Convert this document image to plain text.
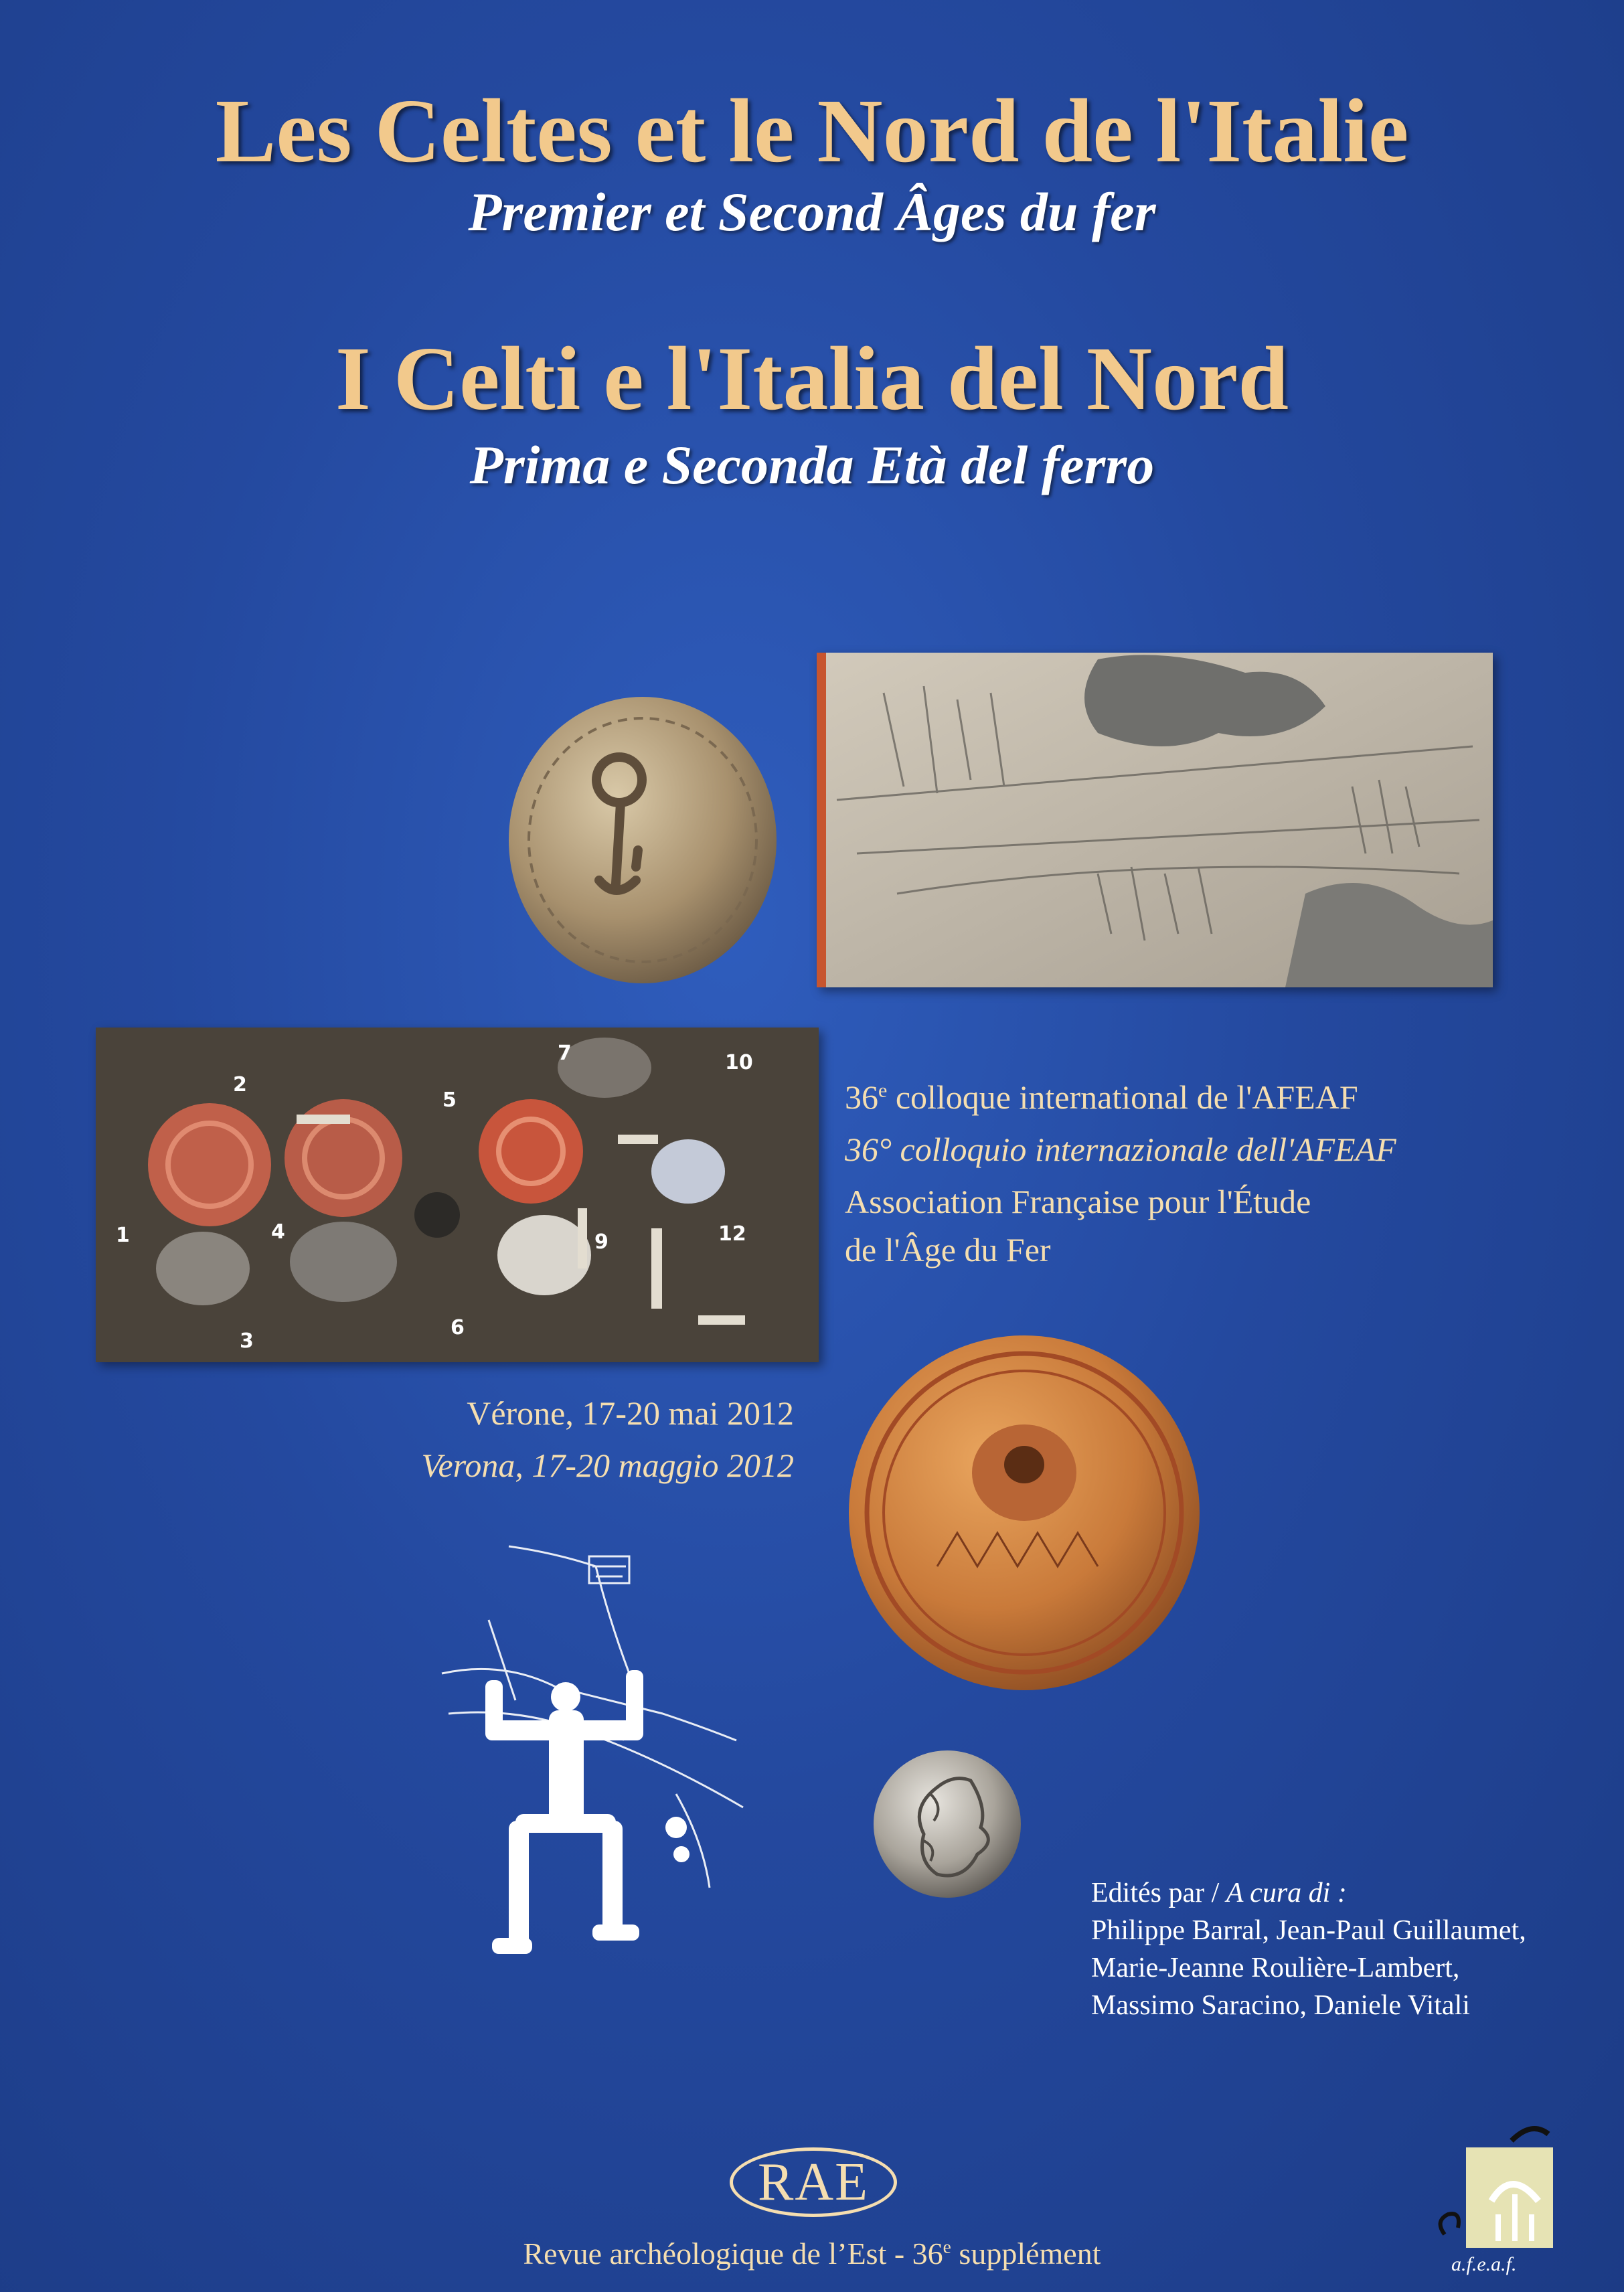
Les Celtes et le Nord de l'Italie
Premier et Second Âges du fer
I Celti e l'Italia del Nord
Prima e Seconda Età del ferro
1
2
3
4
5
6
7
9
10
12
36e colloque international de l'AFEAF
36° colloquio internazionale dell'AFEAF
Association Française pour l'Étude
de l'Âge du Fer
Vérone, 17-20 mai 2012
Verona, 17-20 maggio 2012
Edités par / A cura di :
Philippe Barral, Jean-Paul Guillaumet,
Marie-Jeanne Roulière-Lambert,
Massimo Saracino, Daniele Vitali
RAE
Revue archéologique de l’Est - 36e supplément	a.f.e.a.f.
